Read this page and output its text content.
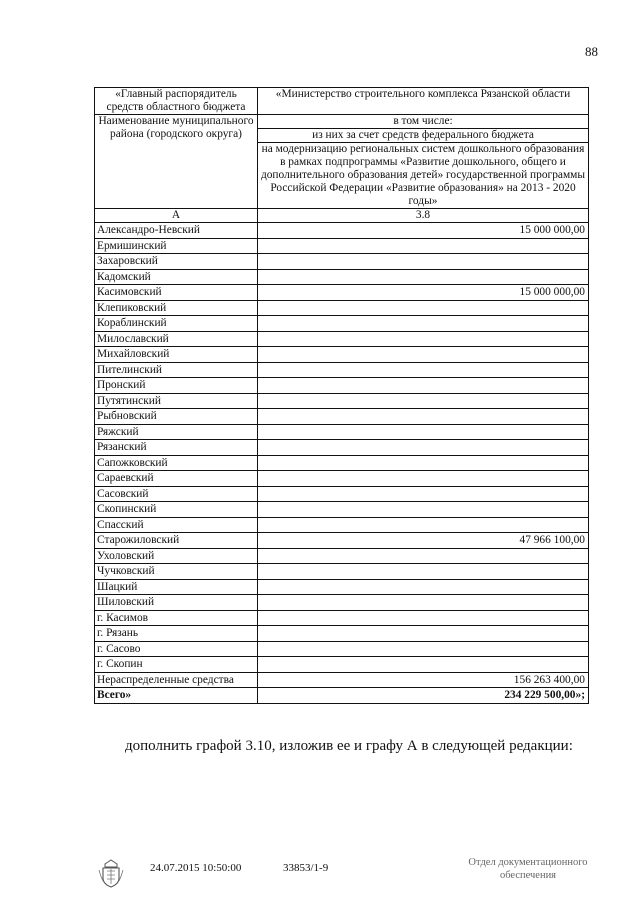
88
«Главный распорядитель средств областного бюджета	«Министерство строительного комплекса Рязанской области
Наименование муниципального района (городского округа)	в том числе:
	из них за счет средств федерального бюджета
	на модернизацию региональных систем дошкольного образования в рамках подпрограммы «Развитие дошкольного, общего и дополнительного образования детей» государственной программы Российской Федерации «Развитие образования» на 2013 - 2020 годы»
А	3.8
Александро-Невский	15 000 000,00
Ермишинский	
Захаровский	
Кадомский	
Касимовский	15 000 000,00
Клепиковский	
Кораблинский	
Милославский	
Михайловский	
Пителинский	
Пронский	
Путятинский	
Рыбновский	
Ряжский	
Рязанский	
Сапожковский	
Сараевский	
Сасовский	
Скопинский	
Спасский	
Старожиловский	47 966 100,00
Ухоловский	
Чучковский	
Шацкий	
Шиловский	
г. Касимов	
г. Рязань	
г. Сасово	
г. Скопин	
Нераспределенные средства	156 263 400,00
Всего»	234 229 500,00»;
дополнить графой 3.10, изложив ее и графу А в следующей редакции:
24.07.2015 10:50:00	33853/1-9	Отдел документационного
обеспечения
